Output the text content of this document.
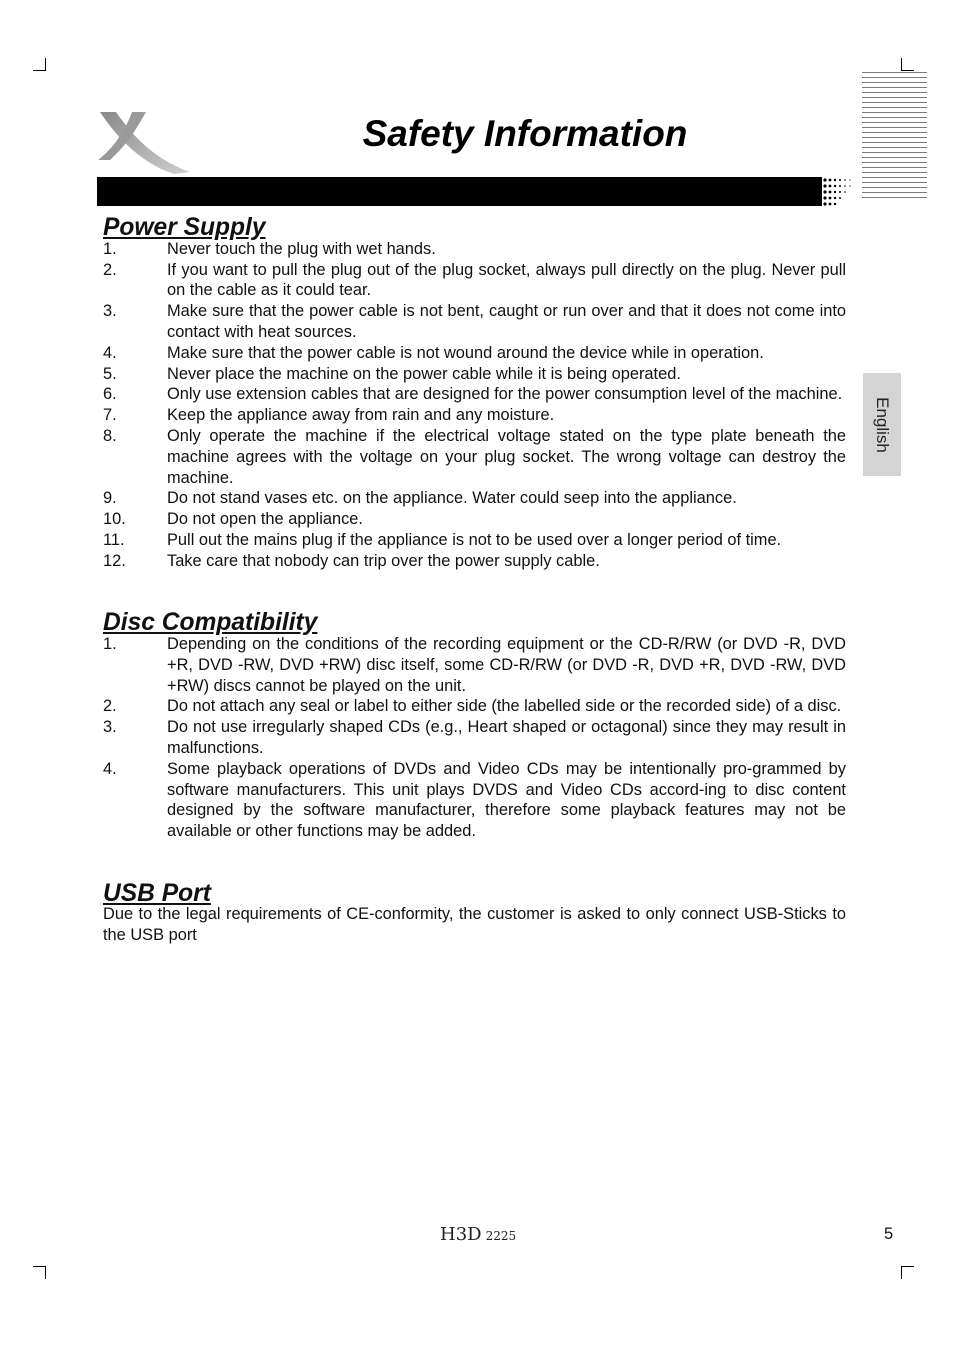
Safety Information
English
Power Supply
1.	Never touch the plug with wet hands.
2.	If you want to pull the plug out of the plug socket, always pull directly on the plug. Never pull on the cable as it could tear.
3.	Make sure that the power cable is not bent, caught or run over and that it does not come into contact with heat sources.
4.	Make sure that the power cable is not wound around the device while in operation.
5.	Never place the machine on the power cable while it is being operated.
6.	Only use extension cables that are designed for the power consumption level of the machine.
7.	Keep the appliance away from rain and any moisture.
8.	Only operate the machine if the electrical voltage stated on the type plate beneath the machine agrees with the voltage on your plug socket. The wrong voltage can destroy the machine.
9.	Do not stand vases etc. on the appliance. Water could seep into the appliance.
10.	Do not open the appliance.
11.	Pull out the mains plug if the appliance is not to be used over a longer period of time.
12.	Take care that nobody can trip over the power supply cable.
Disc Compatibility
1.	Depending on the conditions of the recording equipment or the CD-R/RW (or DVD -R, DVD +R, DVD -RW, DVD +RW) disc itself, some CD-R/RW (or DVD -R, DVD +R, DVD -RW, DVD +RW) discs cannot be played on the unit.
2.	Do not attach any seal or label to either side (the labelled side or the recorded side) of a disc.
3.	Do not use irregularly shaped CDs (e.g., Heart shaped or octagonal) since they may result in malfunctions.
4.	Some playback operations of DVDs and Video CDs may be intentionally pro-grammed by software manufacturers. This unit plays DVDS and Video CDs accord-ing to disc content designed by the software manufacturer, therefore some playback features may not be available or other functions may be added.
USB Port

Due to the legal requirements of CE-conformity, the customer is asked to only connect USB-Sticks to the USB port

H3D 2225	5
